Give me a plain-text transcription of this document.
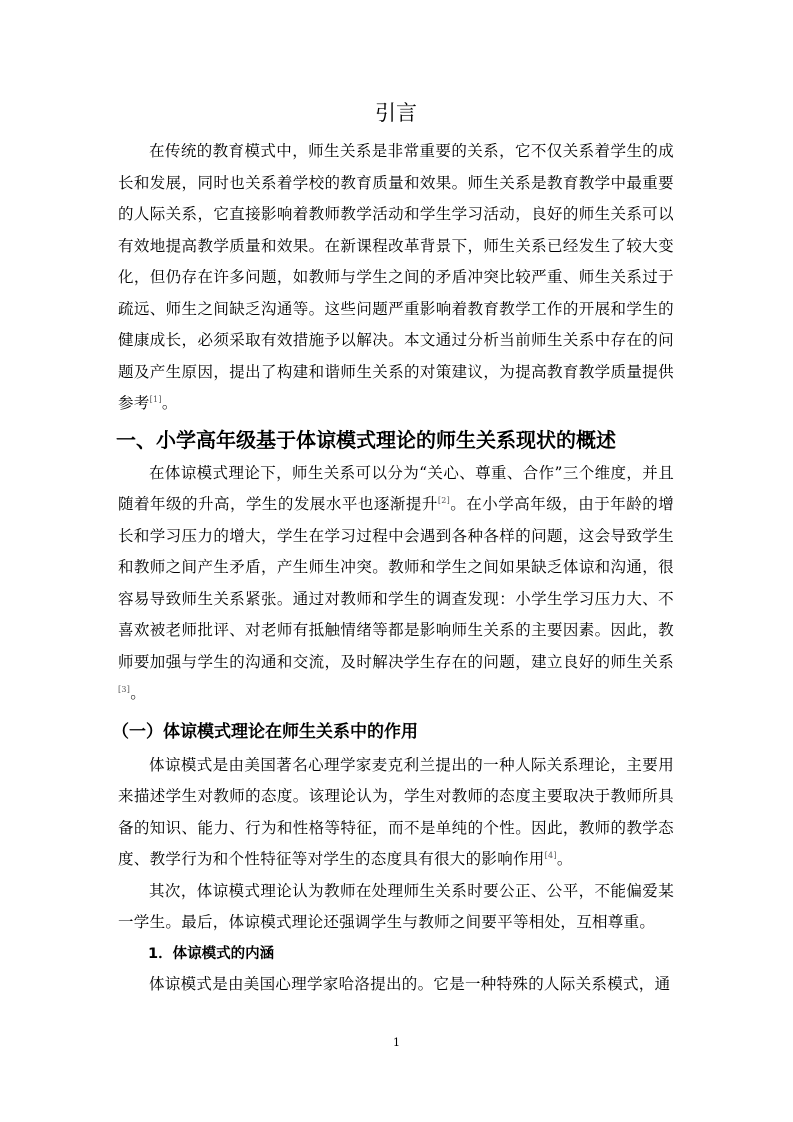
引言

在传统的教育模式中，师生关系是非常重要的关系，它不仅关系着学生的成长和发展，同时也关系着学校的教育质量和效果。师生关系是教育教学中最重要的人际关系，它直接影响着教师教学活动和学生学习活动，良好的师生关系可以有效地提高教学质量和效果。在新课程改革背景下，师生关系已经发生了较大变化，但仍存在许多问题，如教师与学生之间的矛盾冲突比较严重、师生关系过于疏远、师生之间缺乏沟通等。这些问题严重影响着教育教学工作的开展和学生的健康成长，必须采取有效措施予以解决。本文通过分析当前师生关系中存在的问题及产生原因，提出了构建和谐师生关系的对策建议，为提高教育教学质量提供参考[1]。

一、小学高年级基于体谅模式理论的师生关系现状的概述

在体谅模式理论下，师生关系可以分为“关心、尊重、合作”三个维度，并且随着年级的升高，学生的发展水平也逐渐提升[2]。在小学高年级，由于年龄的增长和学习压力的增大，学生在学习过程中会遇到各种各样的问题，这会导致学生和教师之间产生矛盾，产生师生冲突。教师和学生之间如果缺乏体谅和沟通，很容易导致师生关系紧张。通过对教师和学生的调查发现：小学生学习压力大、不喜欢被老师批评、对老师有抵触情绪等都是影响师生关系的主要因素。因此，教师要加强与学生的沟通和交流，及时解决学生存在的问题，建立良好的师生关系[3]。

（一）体谅模式理论在师生关系中的作用

体谅模式是由美国著名心理学家麦克利兰提出的一种人际关系理论，主要用来描述学生对教师的态度。该理论认为，学生对教师的态度主要取决于教师所具备的知识、能力、行为和性格等特征，而不是单纯的个性。因此，教师的教学态度、教学行为和个性特征等对学生的态度具有很大的影响作用[4]。

其次，体谅模式理论认为教师在处理师生关系时要公正、公平，不能偏爱某一学生。最后，体谅模式理论还强调学生与教师之间要平等相处，互相尊重。

1．体谅模式的内涵

体谅模式是由美国心理学家哈洛提出的。它是一种特殊的人际关系模式，通

1
